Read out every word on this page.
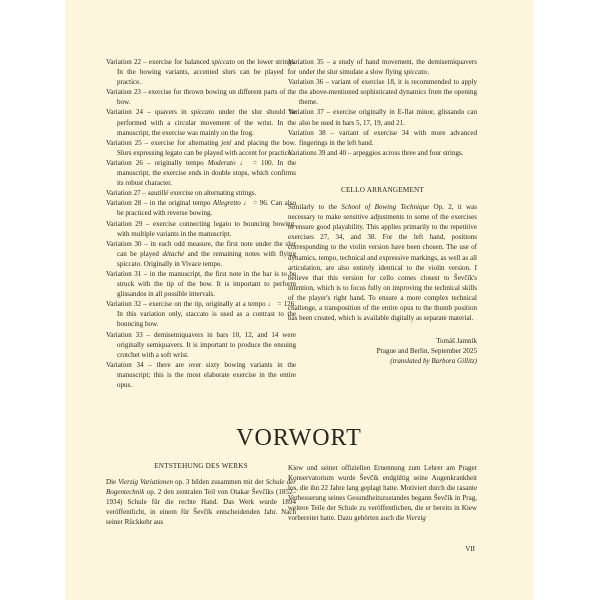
Variation 22 – exercise for balanced spiccato on the lower strings. In the bowing variants, accented slurs can be played for practice.

Variation 23 – exercise for thrown bowing on different parts of the bow.

Variation 24 – quavers in spiccato under the slur should be performed with a circular movement of the wrist. In the manuscript, the exercise was mainly on the frog.

Variation 25 – exercise for alternating jeté and placing the bow. Slurs expressing legato can be played with accent for practice.

Variation 26 – originally tempo Moderato ♩ = 100. In the manuscript, the exercise ends in double stops, which confirms its robust character.

Variation 27 – sautillé exercise on alternating strings.

Variation 28 – in the original tempo Allegretto ♩ = 96. Can also be practiced with reverse bowing.

Variation 29 – exercise connecting legato to bouncing bowing, with multiple variants in the manuscript.

Variation 30 – in each odd measure, the first note under the slur can be played détaché and the remaining notes with flying spiccato. Originally in Vivace tempo.

Variation 31 – in the manuscript, the first note in the bar is to be struck with the tip of the bow. It is important to perform glissandos in all possible intervals.

Variation 32 – exercise on the tip, originally at a tempo ♩ = 126. In this variation only, staccato is used as a contrast to the bouncing bow.

Variation 33 – demisemiquavers in bars 10, 12, and 14 were originally semiquavers. It is important to produce the ensuing crotchet with a soft wrist.

Variation 34 – there are over sixty bowing variants in the manuscript; this is the most elaborate exercise in the entire opus.

Variation 35 – a study of hand movement, the demisemiquavers under the slur simulate a slow flying spiccato.

Variation 36 – variant of exercise 18, it is recommended to apply the above-mentioned sophisticated dynamics from the opening theme.

Variation 37 – exercise originally in E-flat minor, glissando can also be used in bars 5, 17, 19, and 21.

Variation 38 – variant of exercise 34 with more advanced fingerings in the left hand.

Variations 39 and 40 – arpeggios across three and four strings.

CELLO ARRANGEMENT

Similarly to the School of Bowing Technique Op. 2, it was necessary to make sensitive adjustments to some of the exercises to ensure good playability. This applies primarily to the repetitive exercises 27, 34, and 38. For the left hand, positions corresponding to the violin version have been chosen. The use of dynamics, tempo, technical and expressive markings, as well as all articulation, are also entirely identical to the violin version. I believe that this version for cello comes closest to Ševčík's intention, which is to focus fully on improving the technical skills of the player's right hand. To ensure a more complex technical challenge, a transposition of the entire opus to the thumb position has been created, which is available digitally as separate material.

Tomáš Jamník

Prague and Berlin, September 2025

(translated by Barbora Gillitz)

VORWORT

ENTSTEHUNG DES WERKS

Die Vierzig Variationen op. 3 bilden zusammen mit der Schule der Bogentechnik op. 2 den zentralen Teil von Otakar Ševčíks (1852–1934) Schule für die rechte Hand. Das Werk wurde 1894 veröffentlicht, in einem für Ševčík entscheidenden Jahr. Nach seiner Rückkehr aus

Kiew und seiner offiziellen Ernennung zum Lehrer am Prager Konservatorium wurde Ševčík endgültig seine Augenkrankheit los, die ihn 22 Jahre lang geplagt hatte. Motiviert durch die rasante Verbesserung seines Gesundheitszustandes begann Ševčík in Prag, weitere Teile der Schule zu veröffentlichen, die er bereits in Kiew vorbereitet hatte. Dazu gehörten auch die Vierzig

VII
